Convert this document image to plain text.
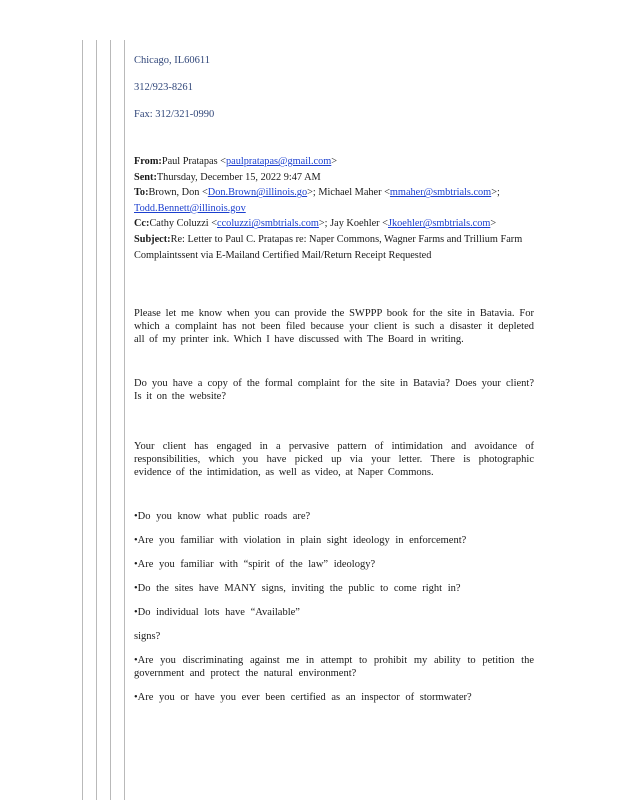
Chicago, IL60611

312/923-8261

Fax: 312/321-0990

From:Paul Pratapas <paulpratapas@gmail.com>
Sent:Thursday, December 15, 2022 9:47 AM
To:Brown, Don <Don.Brown@illinois.go>; Michael Maher <mmaher@smbtrials.com>; Todd.Bennett@illinois.gov
Cc:Cathy Coluzzi <ccoluzzi@smbtrials.com>; Jay Koehler <Jkoehler@smbtrials.com>
Subject:Re: Letter to Paul C. Pratapas re: Naper Commons, Wagner Farms and Trillium Farm Complaintssent via E-Mailand Certified Mail/Return Receipt Requested

Please let me know when you can provide the SWPPP book for the site in Batavia. For which a complaint has not been filed because your client is such a disaster it depleted all of my printer ink. Which I have discussed with The Board in writing.

Do you have a copy of the formal complaint for the site in Batavia? Does your client? Is it on the website?

Your client has engaged in a pervasive pattern of intimidation and avoidance of responsibilities, which you have picked up via your letter. There is photographic evidence of the intimidation, as well as video, at Naper Commons.

•Do you know what public roads are?

•Are you familiar with violation in plain sight ideology in enforcement?

•Are you familiar with “spirit of the law” ideology?

•Do the sites have MANY signs, inviting the public to come right in?

•Do individual lots have “Available”

signs?

•Are you discriminating against me in attempt to prohibit my ability to petition the government and protect the natural environment?

•Are you or have you ever been certified as an inspector of stormwater?
